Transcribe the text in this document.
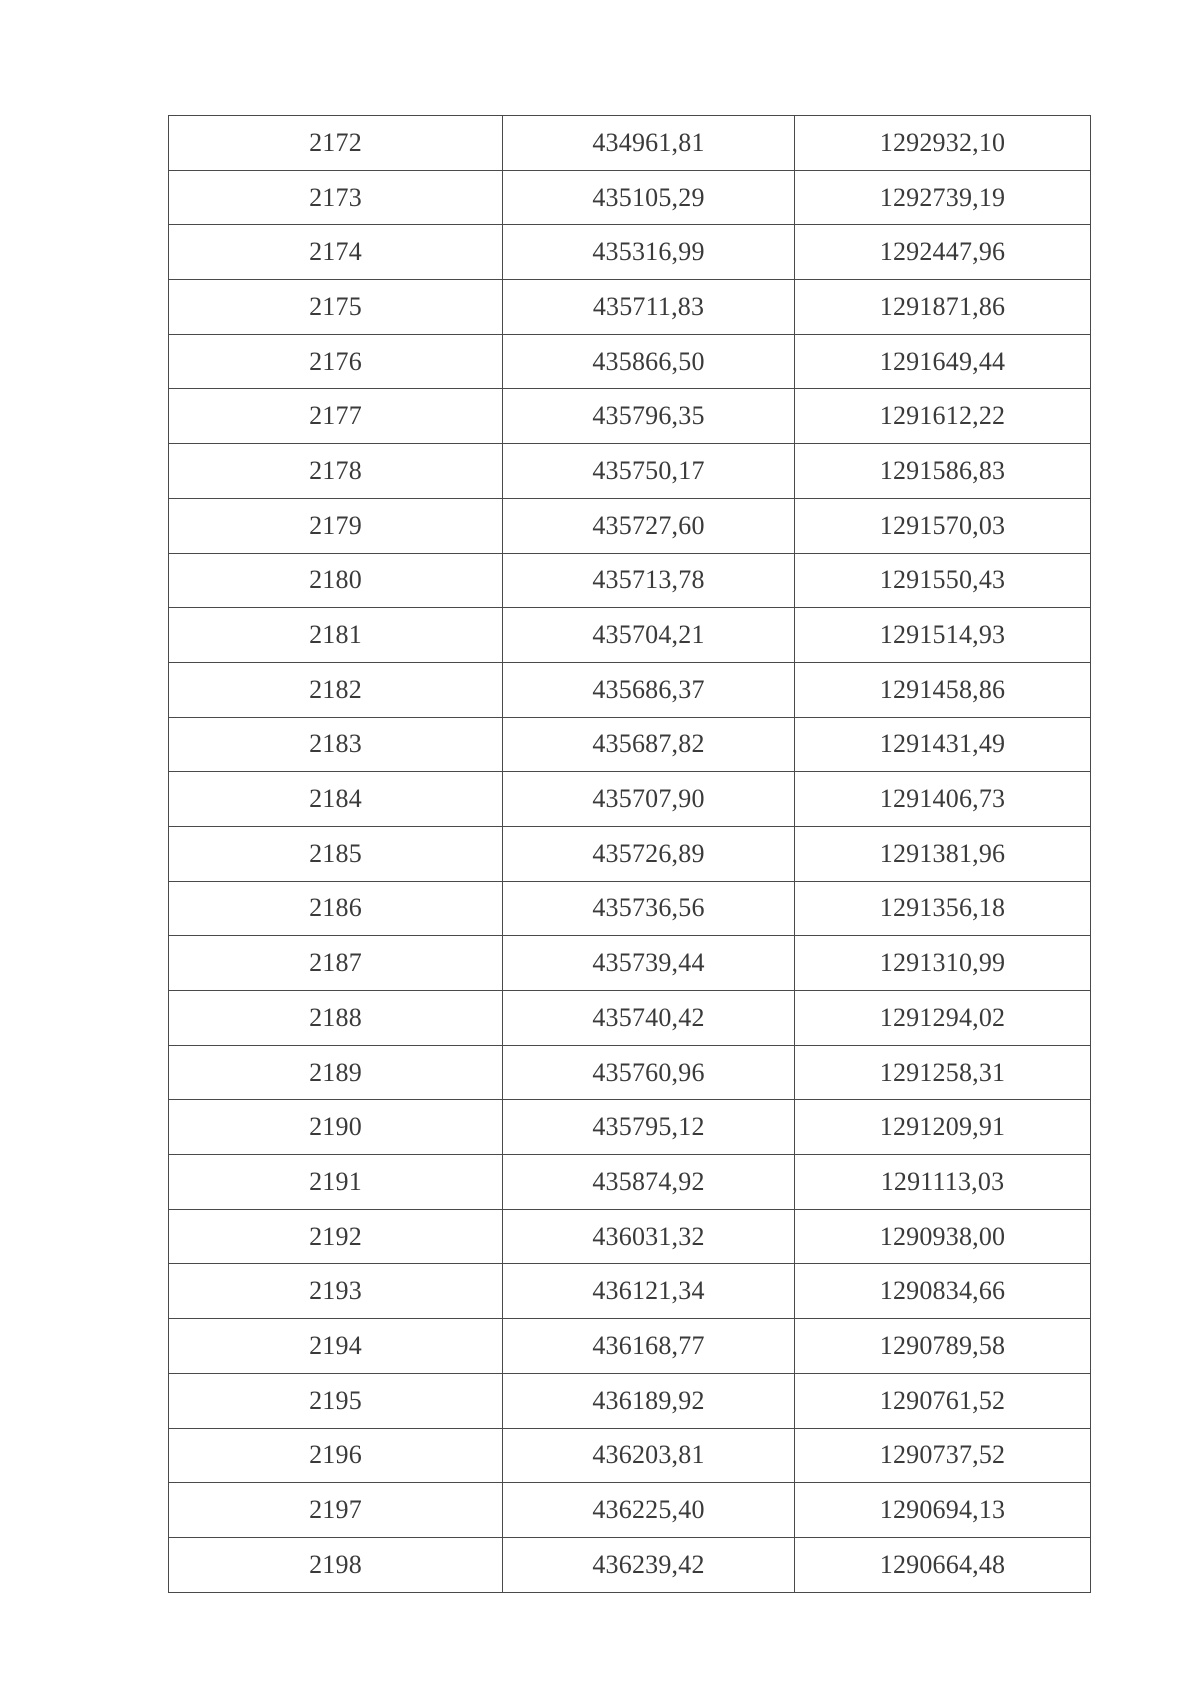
2172	434961,81	1292932,10
2173	435105,29	1292739,19
2174	435316,99	1292447,96
2175	435711,83	1291871,86
2176	435866,50	1291649,44
2177	435796,35	1291612,22
2178	435750,17	1291586,83
2179	435727,60	1291570,03
2180	435713,78	1291550,43
2181	435704,21	1291514,93
2182	435686,37	1291458,86
2183	435687,82	1291431,49
2184	435707,90	1291406,73
2185	435726,89	1291381,96
2186	435736,56	1291356,18
2187	435739,44	1291310,99
2188	435740,42	1291294,02
2189	435760,96	1291258,31
2190	435795,12	1291209,91
2191	435874,92	1291113,03
2192	436031,32	1290938,00
2193	436121,34	1290834,66
2194	436168,77	1290789,58
2195	436189,92	1290761,52
2196	436203,81	1290737,52
2197	436225,40	1290694,13
2198	436239,42	1290664,48
